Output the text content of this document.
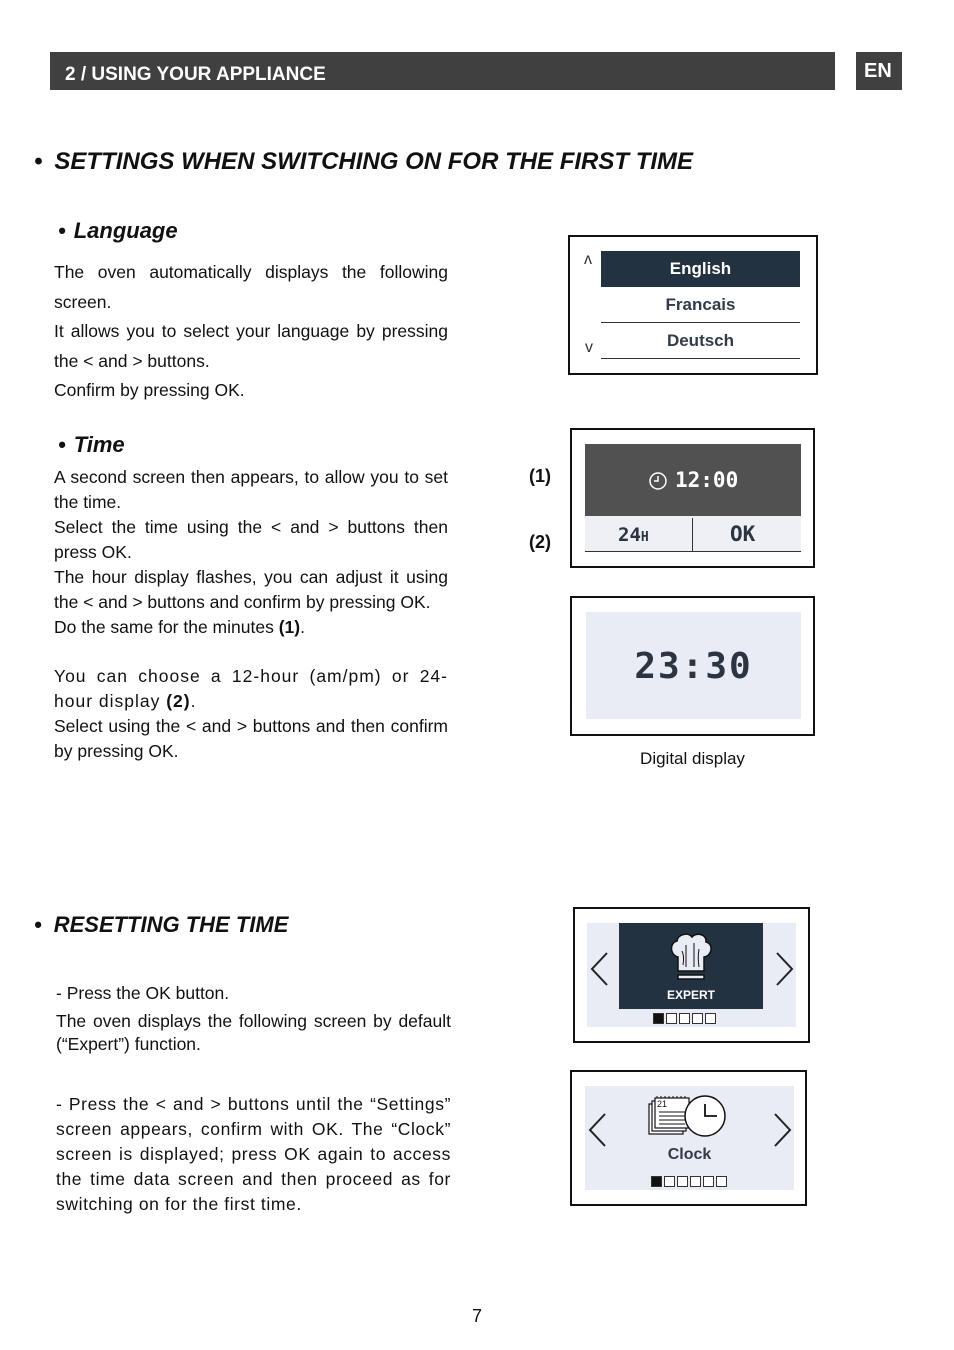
2 / USING YOUR APPLIANCE	EN
• SETTINGS WHEN SWITCHING ON FOR THE FIRST TIME
• Language

The oven automatically displays the following screen.

It allows you to select your language by pressing the < and > buttons.

Confirm by pressing OK.

ʌ
v
English
Francais
Deutsch
• Time

A second screen then appears, to allow you to set the time.

Select the time using the < and > buttons then press OK.

The hour display flashes, you can adjust it using the < and > buttons and confirm by pressing OK.

Do the same for the minutes (1).

You can choose a 12-hour (am/pm) or 24-hour display (2).

Select using the < and > buttons and then confirm by pressing OK.

(1)
(2)
12:00
24H	OK
23:30
Digital display
• RESETTING THE TIME

- Press the OK button.

The oven displays the following screen by default (“Expert”) function.

- Press the < and > buttons until the “Settings” screen appears, confirm with OK. The “Clock” screen is displayed; press OK again to access the time data screen and then proceed as for switching on for the first time.

EXPERT
21
Clock
7
